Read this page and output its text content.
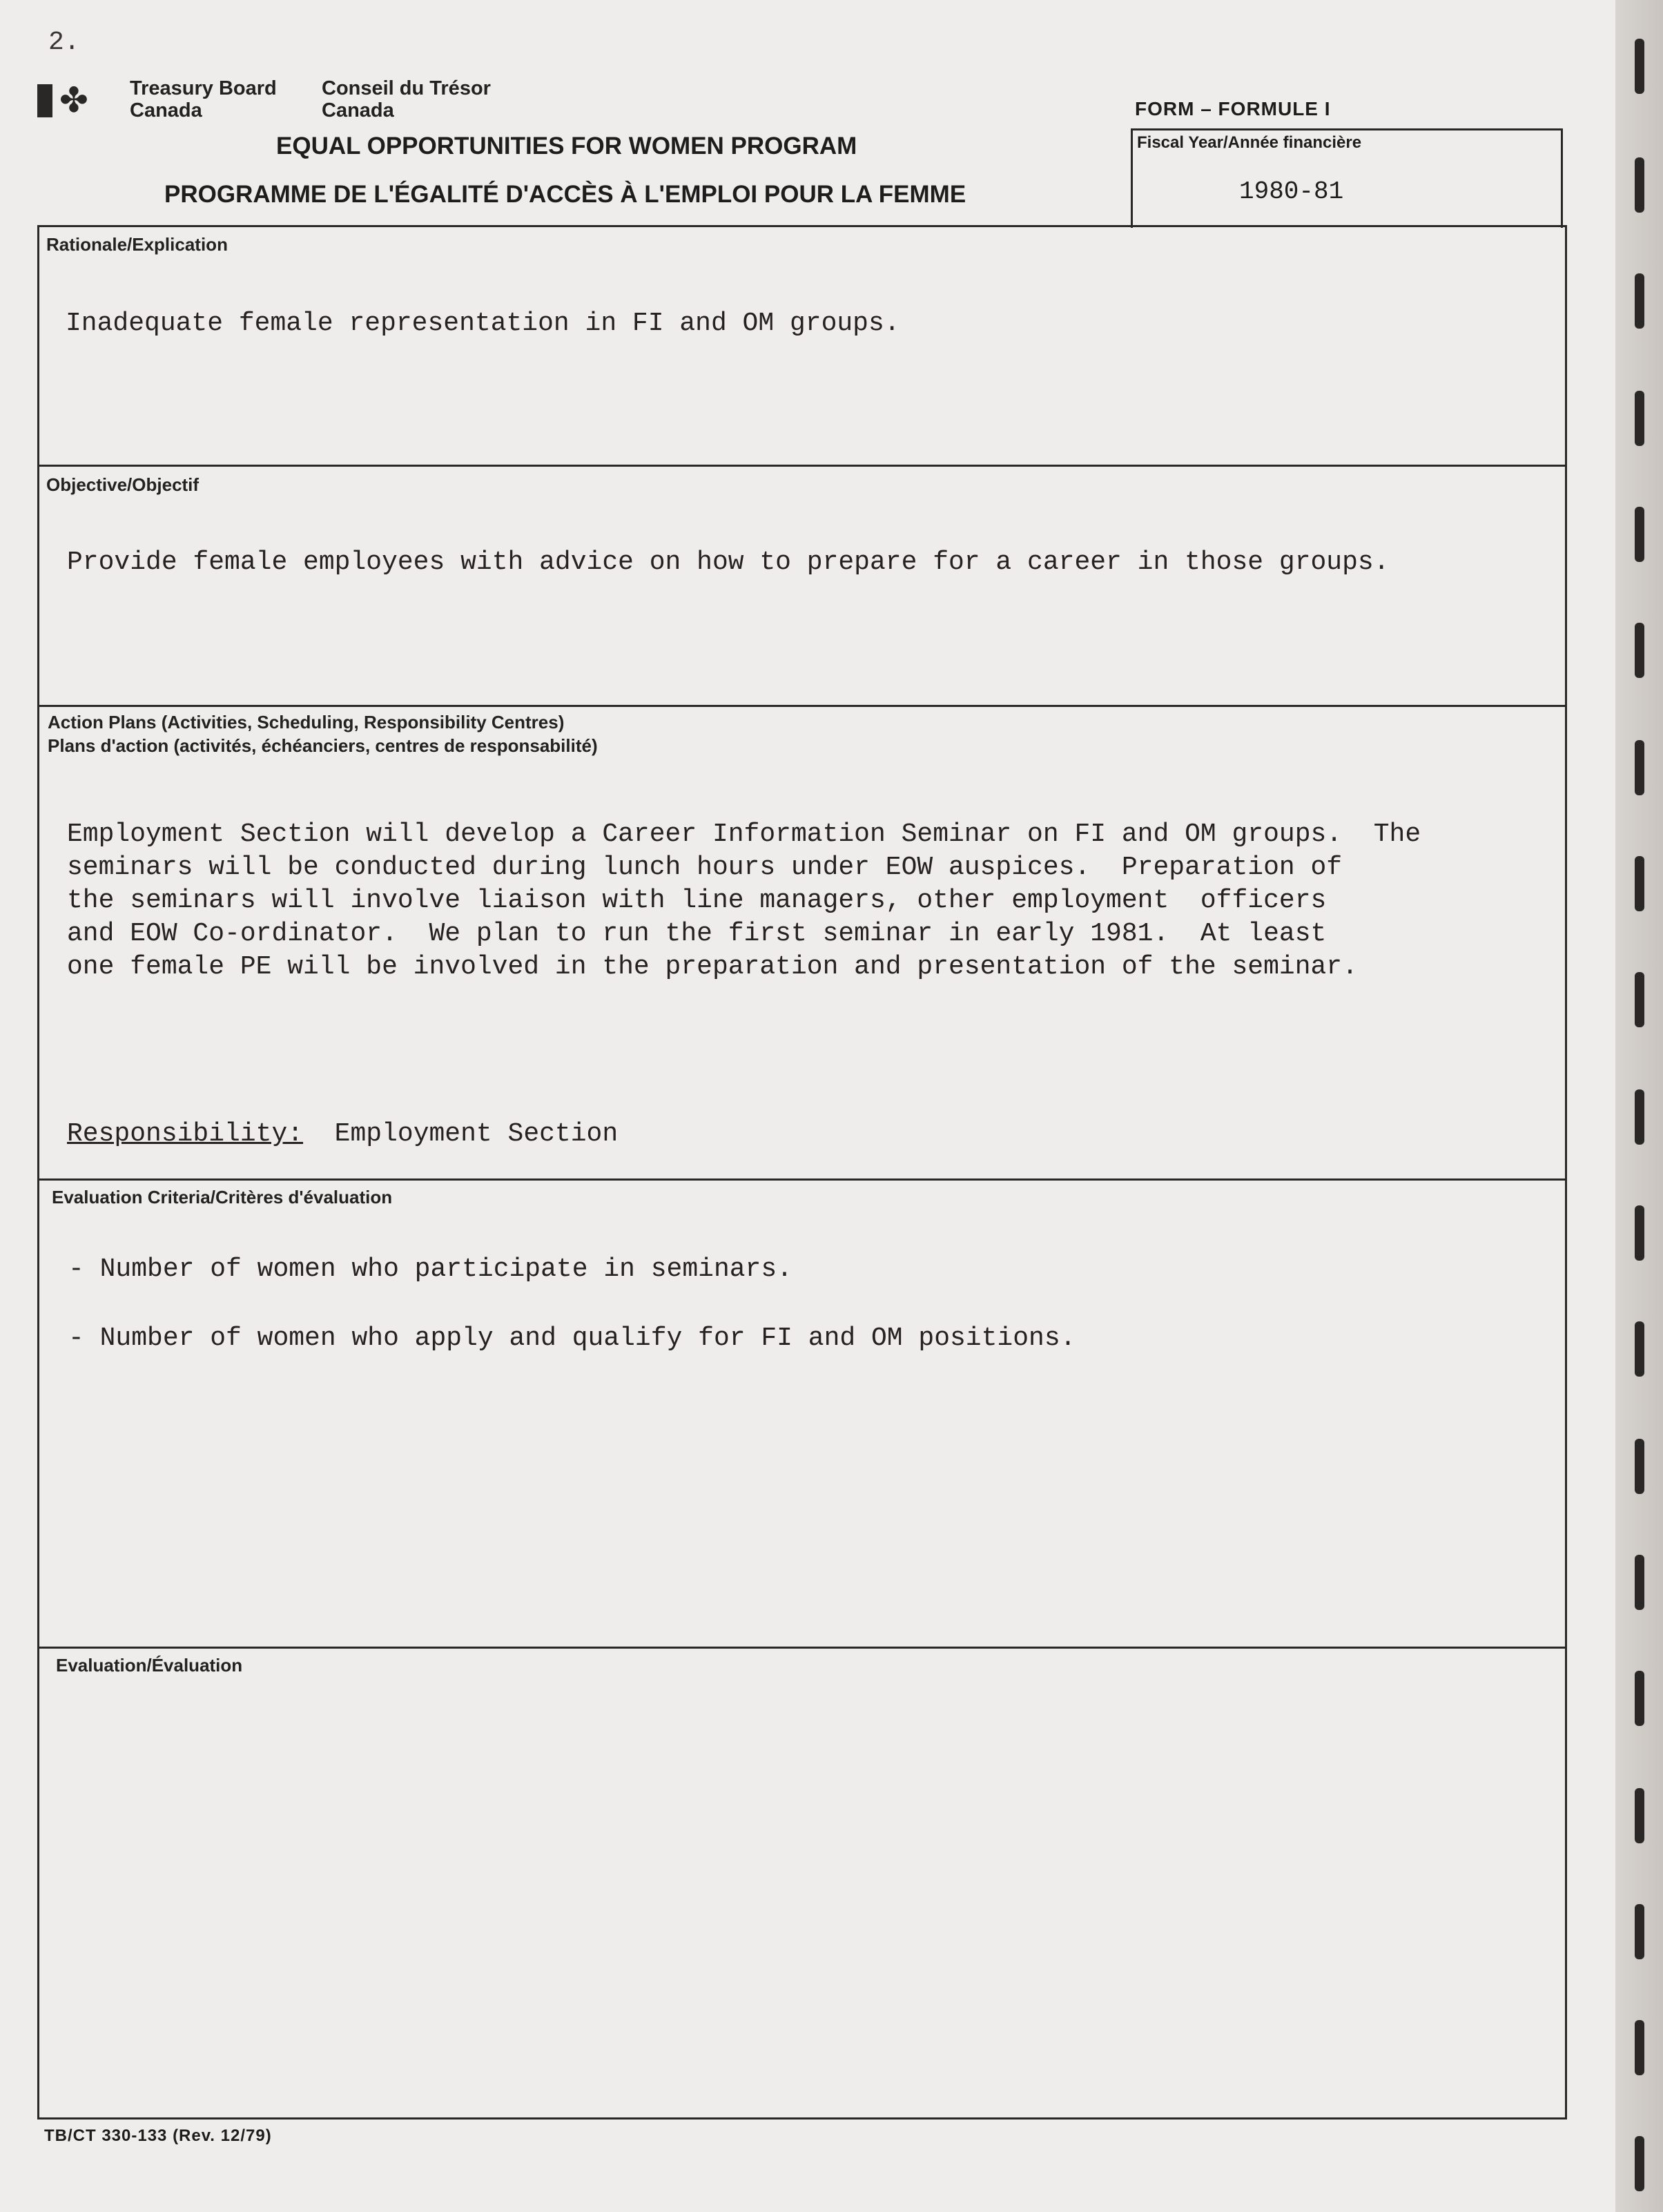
2.
✤ Treasury Board
Canada
Conseil du Trésor
Canada	FORM – FORMULE I
EQUAL OPPORTUNITIES FOR WOMEN PROGRAM
PROGRAMME DE L'ÉGALITÉ D'ACCÈS À L'EMPLOI POUR LA FEMME
Fiscal Year/Année financière
1980-81
Rationale/Explication
Inadequate female representation in FI and OM groups.
Objective/Objectif
Provide female employees with advice on how to prepare for a career in those groups.
Action Plans (Activities, Scheduling, Responsibility Centres)
Plans d'action (activités, échéanciers, centres de responsabilité)
Employment Section will develop a Career Information Seminar on FI and OM groups.  The
seminars will be conducted during lunch hours under EOW auspices.  Preparation of
the seminars will involve liaison with line managers, other employment  officers
and EOW Co-ordinator.  We plan to run the first seminar in early 1981.  At least
one female PE will be involved in the preparation and presentation of the seminar.
Responsibility: Employment Section
Evaluation Criteria/Critères d'évaluation
- Number of women who participate in seminars.
- Number of women who apply and qualify for FI and OM positions.
Evaluation/Évaluation
TB/CT 330-133 (Rev. 12/79)
